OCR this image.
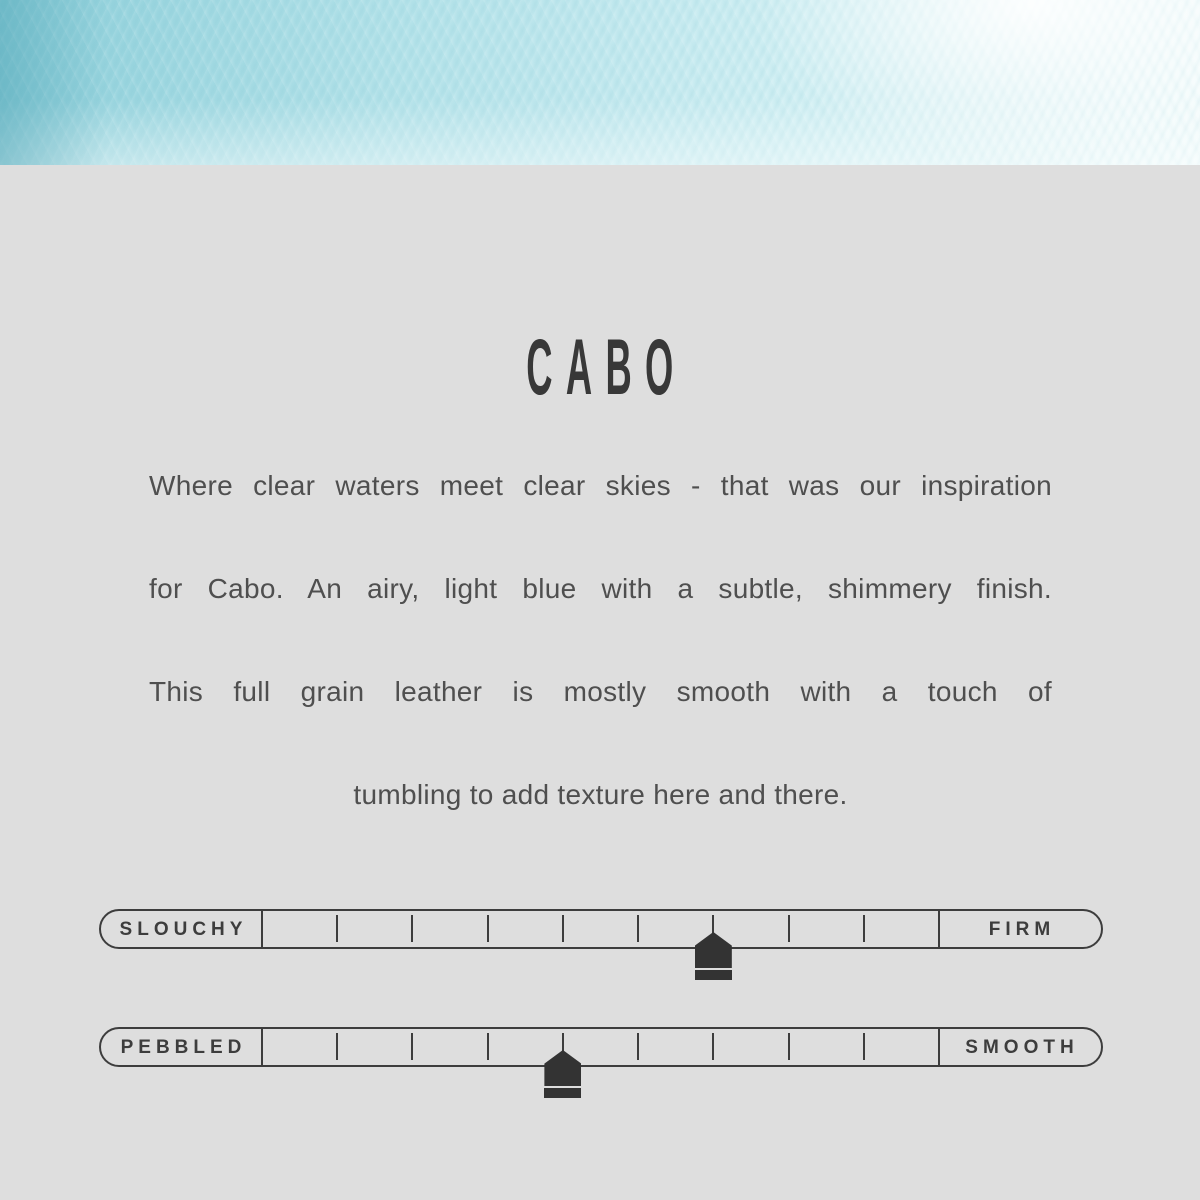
CABO

Where clear waters meet clear skies - that was our inspiration

for Cabo. An airy, light blue with a subtle, shimmery finish.

This full grain leather is mostly smooth with a touch of

tumbling to add texture here and there.

SLOUCHY	FIRM
PEBBLED	SMOOTH
